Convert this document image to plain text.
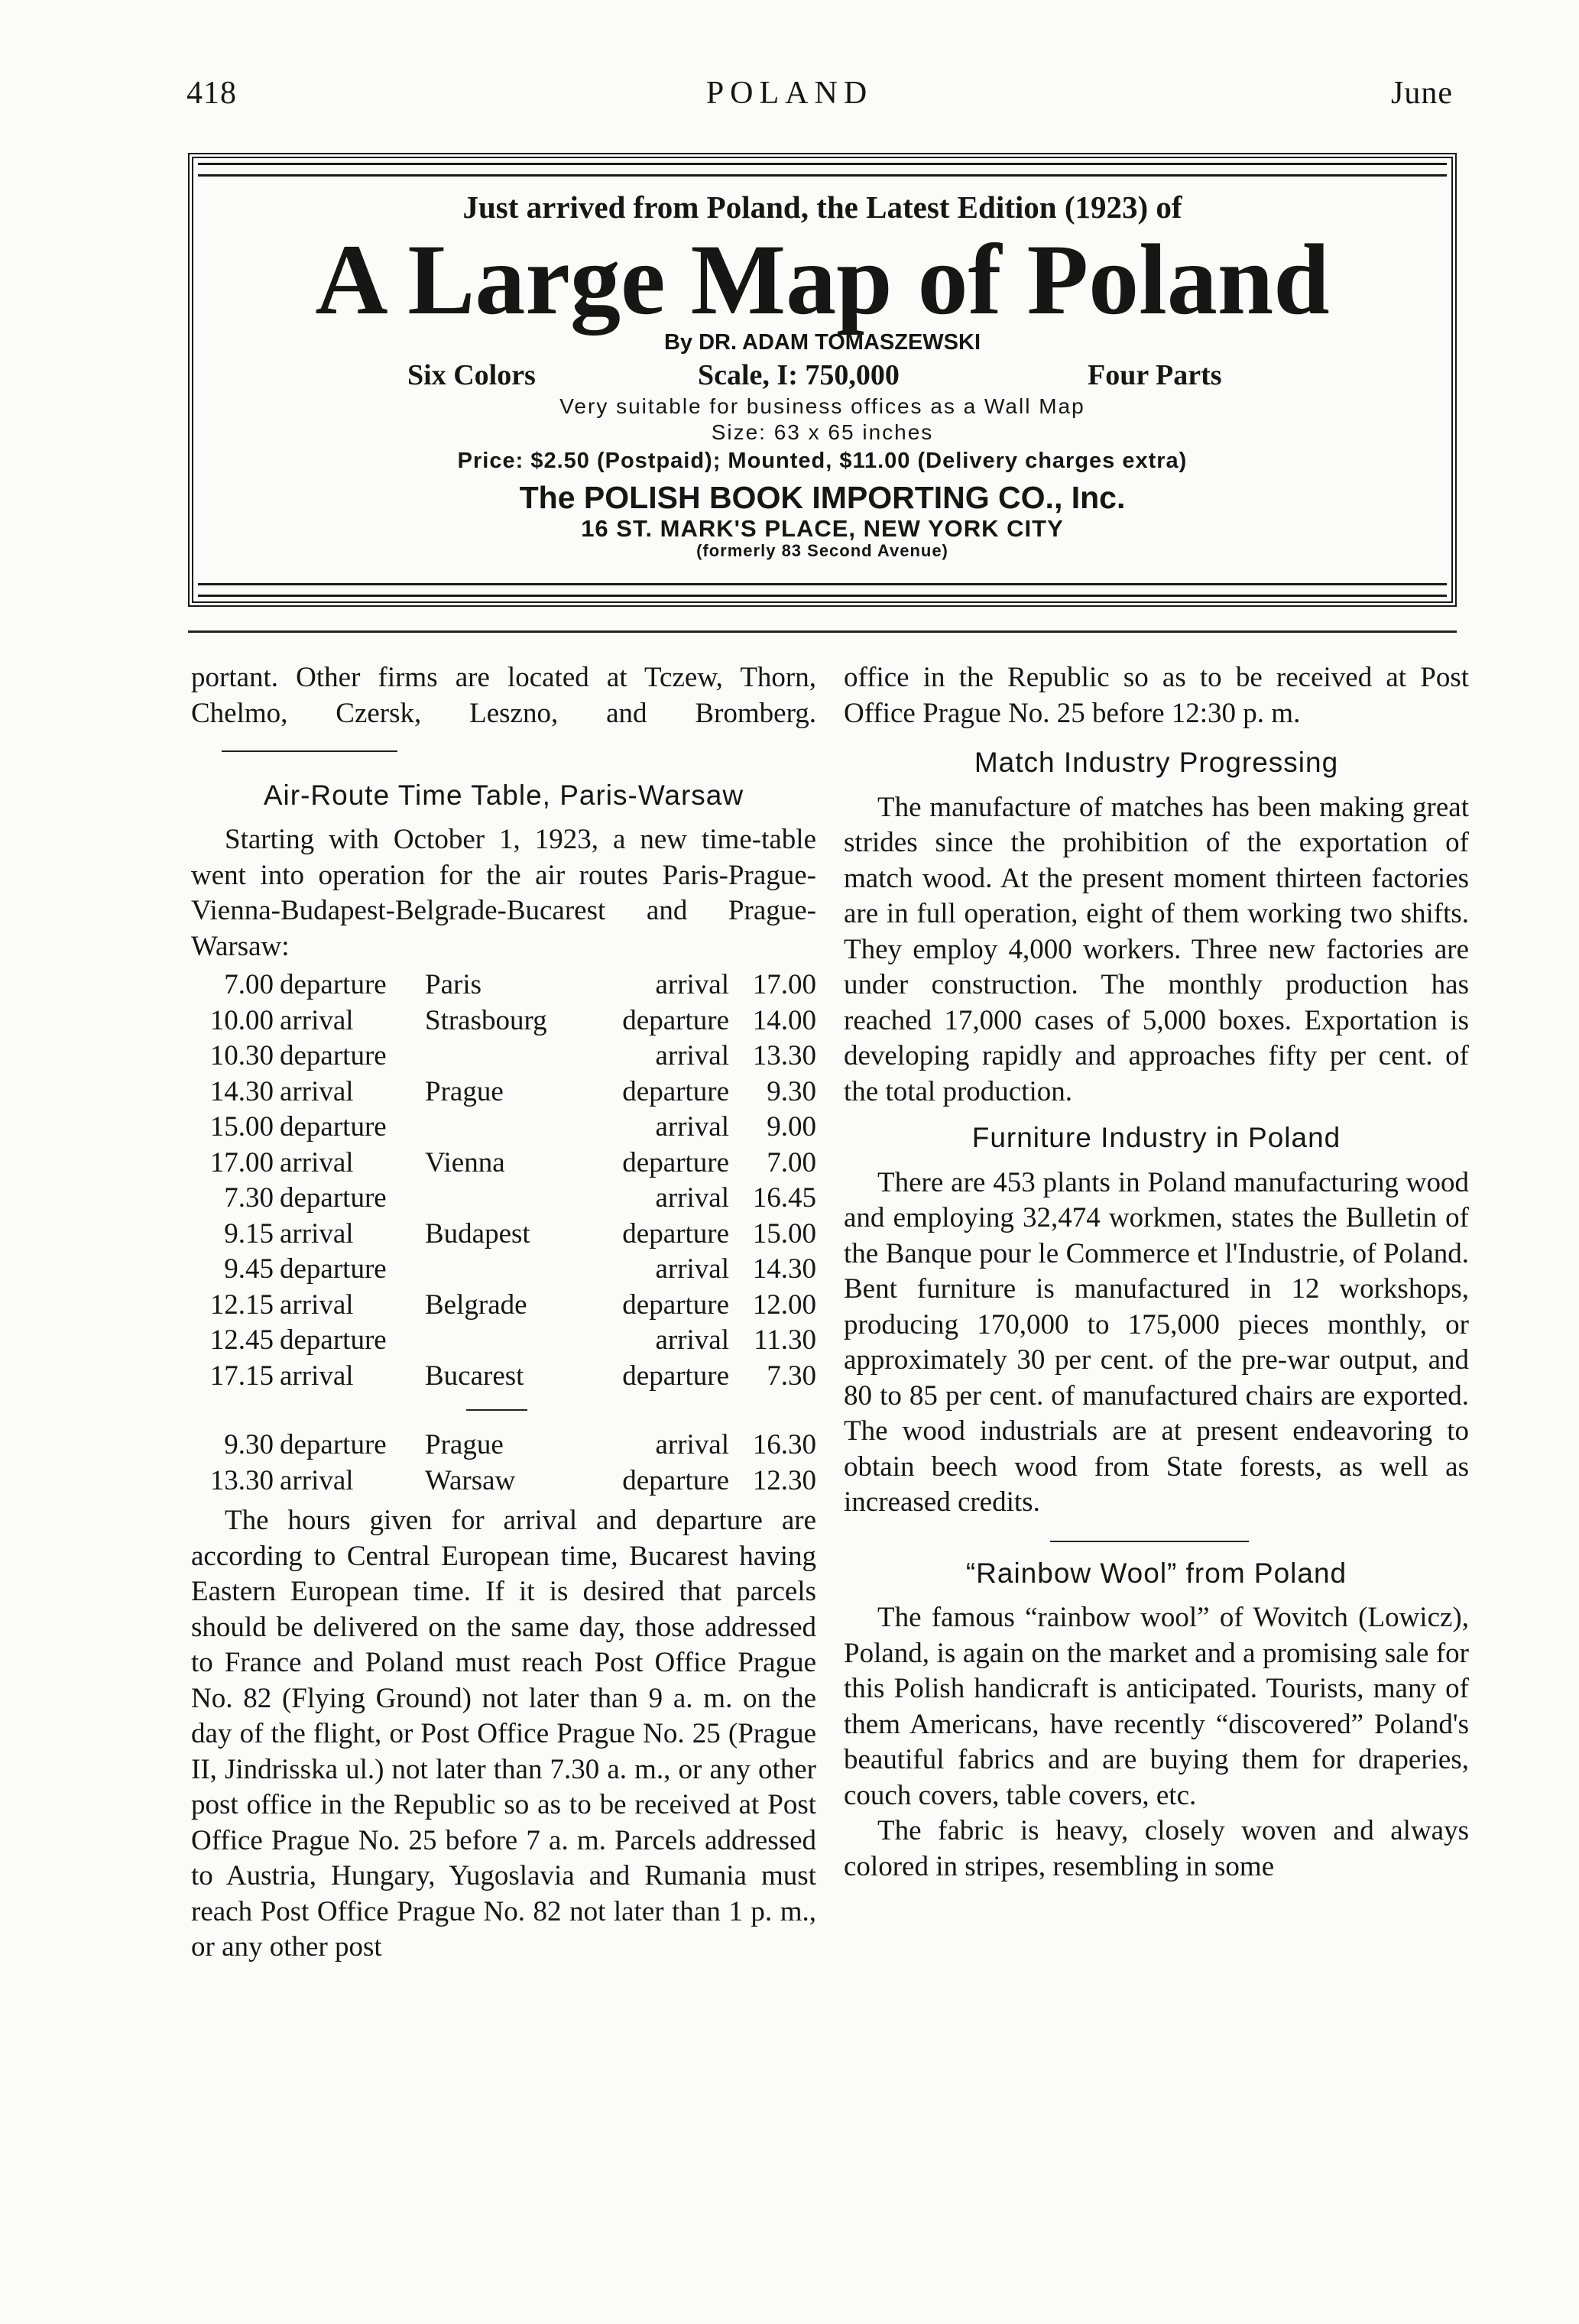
418	POLAND	June
Just arrived from Poland, the Latest Edition (1923) of
A Large Map of Poland
By DR. ADAM TOMASZEWSKI
Six Colors	Scale, I: 750,000	Four Parts
Very suitable for business offices as a Wall Map
Size: 63 x 65 inches
Price: $2.50 (Postpaid); Mounted, $11.00 (Delivery charges extra)
The POLISH BOOK IMPORTING CO., Inc.
16 ST. MARK'S PLACE, NEW YORK CITY
(formerly 83 Second Avenue)

portant. Other firms are located at Tczew, Thorn, Chelmo, Czersk, Leszno, and Bromberg.

Air-Route Time Table, Paris-Warsaw

Starting with October 1, 1923, a new time-table went into operation for the air routes Paris-Prague-Vienna-Budapest-Belgrade-Bucarest and Prague-Warsaw:

7.00	departure	Paris	arrival	17.00
10.00	arrival	Strasbourg	departure	14.00
10.30	departure		arrival	13.30
14.30	arrival	Prague	departure	9.30
15.00	departure		arrival	9.00
17.00	arrival	Vienna	departure	7.00
7.30	departure		arrival	16.45
9.15	arrival	Budapest	departure	15.00
9.45	departure		arrival	14.30
12.15	arrival	Belgrade	departure	12.00
12.45	departure		arrival	11.30
17.15	arrival	Bucarest	departure	7.30
9.30	departure	Prague	arrival	16.30
13.30	arrival	Warsaw	departure	12.30

The hours given for arrival and departure are according to Central European time, Bucarest having Eastern European time. If it is desired that parcels should be delivered on the same day, those addressed to France and Poland must reach Post Office Prague No. 82 (Flying Ground) not later than 9 a. m. on the day of the flight, or Post Office Prague No. 25 (Prague II, Jindrisska ul.) not later than 7.30 a. m., or any other post office in the Republic so as to be received at Post Office Prague No. 25 before 7 a. m. Parcels addressed to Austria, Hungary, Yugoslavia and Rumania must reach Post Office Prague No. 82 not later than 1 p. m., or any other post

office in the Republic so as to be received at Post Office Prague No. 25 before 12:30 p. m.

Match Industry Progressing

The manufacture of matches has been making great strides since the prohibition of the exportation of match wood. At the present moment thirteen factories are in full operation, eight of them working two shifts. They employ 4,000 workers. Three new factories are under construction. The monthly production has reached 17,000 cases of 5,000 boxes. Exportation is developing rapidly and approaches fifty per cent. of the total production.

Furniture Industry in Poland

There are 453 plants in Poland manufacturing wood and employing 32,474 workmen, states the Bulletin of the Banque pour le Commerce et l'Industrie, of Poland. Bent furniture is manufactured in 12 workshops, producing 170,000 to 175,000 pieces monthly, or approximately 30 per cent. of the pre-war output, and 80 to 85 per cent. of manufactured chairs are exported. The wood industrials are at present endeavoring to obtain beech wood from State forests, as well as increased credits.

“Rainbow Wool” from Poland

The famous “rainbow wool” of Wovitch (Lowicz), Poland, is again on the market and a promising sale for this Polish handicraft is anticipated. Tourists, many of them Americans, have recently “discovered” Poland's beautiful fabrics and are buying them for draperies, couch covers, table covers, etc.

The fabric is heavy, closely woven and always colored in stripes, resembling in some
